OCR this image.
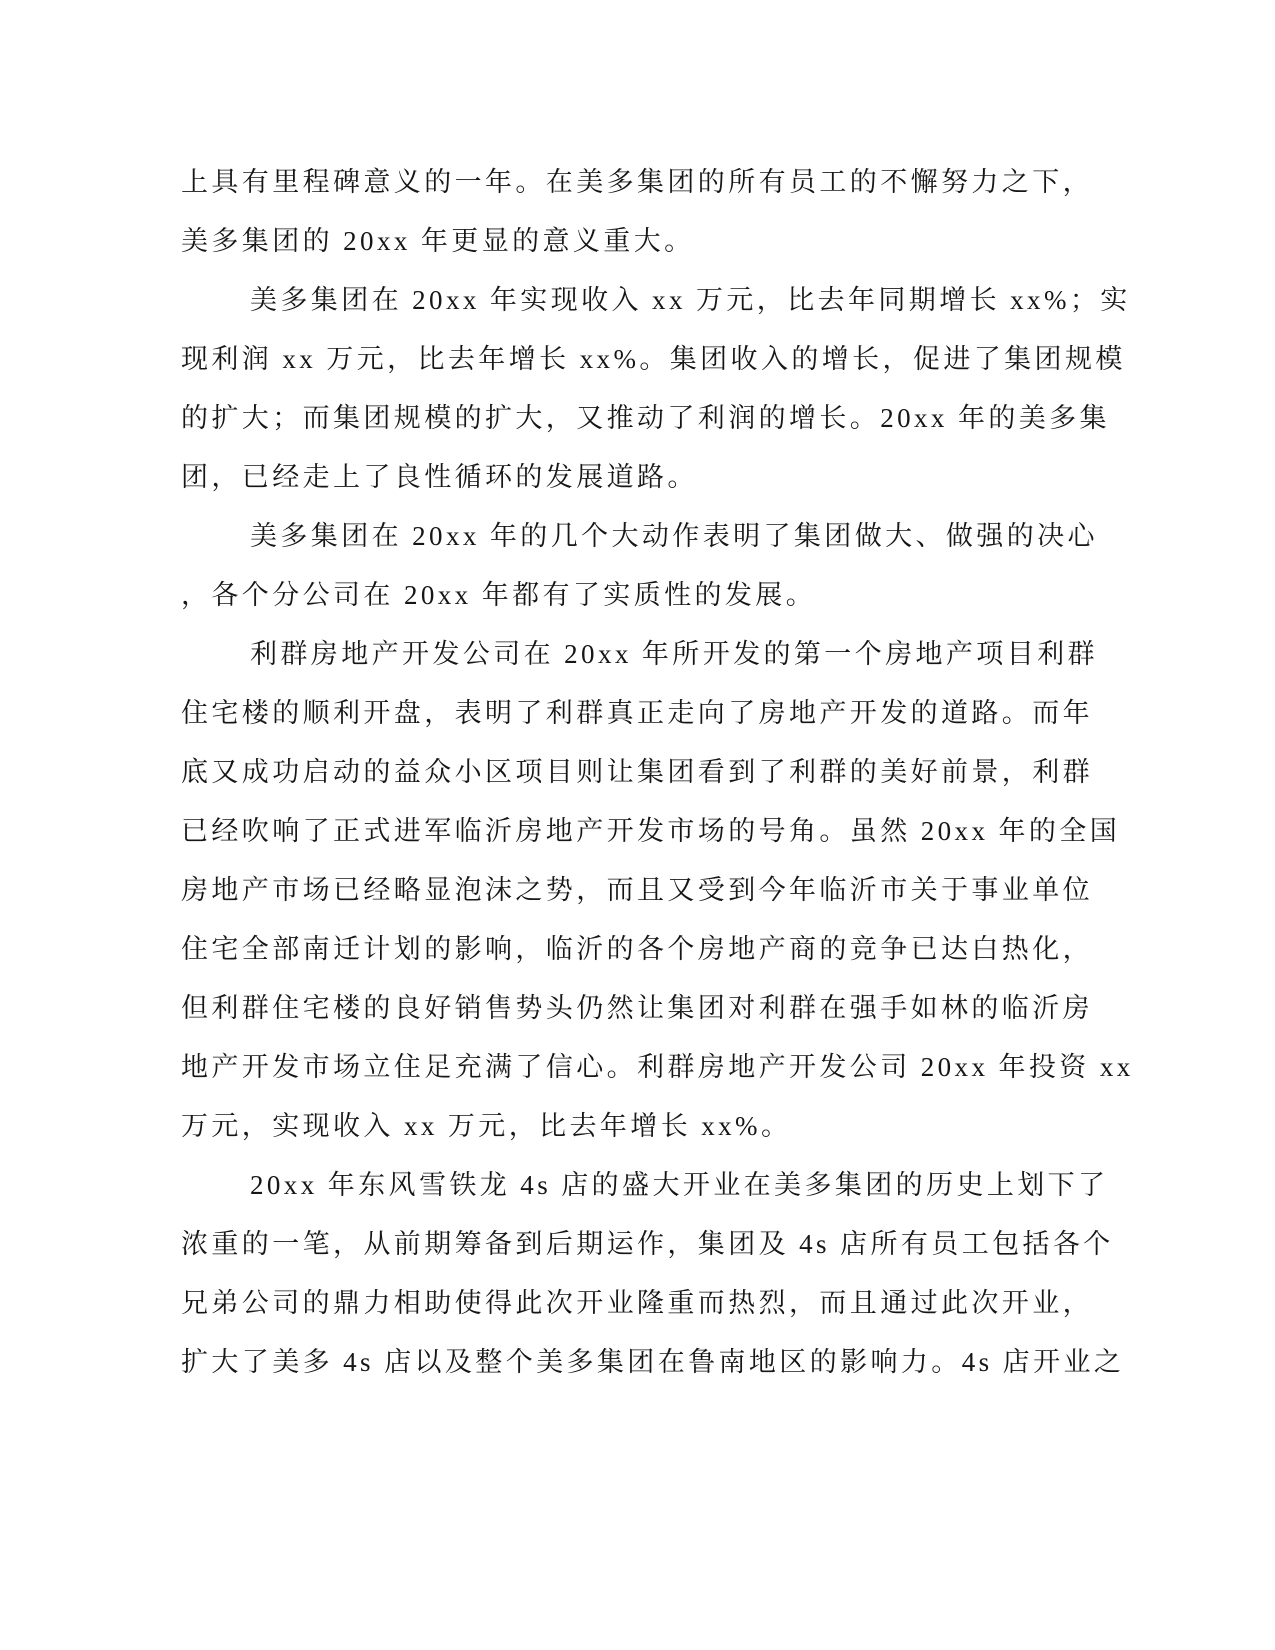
上具有里程碑意义的一年。在美多集团的所有员工的不懈努力之下，
美多集团的 20xx 年更显的意义重大。
美多集团在 20xx 年实现收入 xx 万元，比去年同期增长 xx%；实
现利润 xx 万元，比去年增长 xx%。集团收入的增长，促进了集团规模
的扩大；而集团规模的扩大，又推动了利润的增长。20xx 年的美多集
团，已经走上了良性循环的发展道路。
美多集团在 20xx 年的几个大动作表明了集团做大、做强的决心
，各个分公司在 20xx 年都有了实质性的发展。
利群房地产开发公司在 20xx 年所开发的第一个房地产项目利群
住宅楼的顺利开盘，表明了利群真正走向了房地产开发的道路。而年
底又成功启动的益众小区项目则让集团看到了利群的美好前景，利群
已经吹响了正式进军临沂房地产开发市场的号角。虽然 20xx 年的全国
房地产市场已经略显泡沫之势，而且又受到今年临沂市关于事业单位
住宅全部南迁计划的影响，临沂的各个房地产商的竞争已达白热化，
但利群住宅楼的良好销售势头仍然让集团对利群在强手如林的临沂房
地产开发市场立住足充满了信心。利群房地产开发公司 20xx 年投资 xx
万元，实现收入 xx 万元，比去年增长 xx%。
20xx 年东风雪铁龙 4s 店的盛大开业在美多集团的历史上划下了
浓重的一笔，从前期筹备到后期运作，集团及 4s 店所有员工包括各个
兄弟公司的鼎力相助使得此次开业隆重而热烈，而且通过此次开业，
扩大了美多 4s 店以及整个美多集团在鲁南地区的影响力。4s 店开业之
